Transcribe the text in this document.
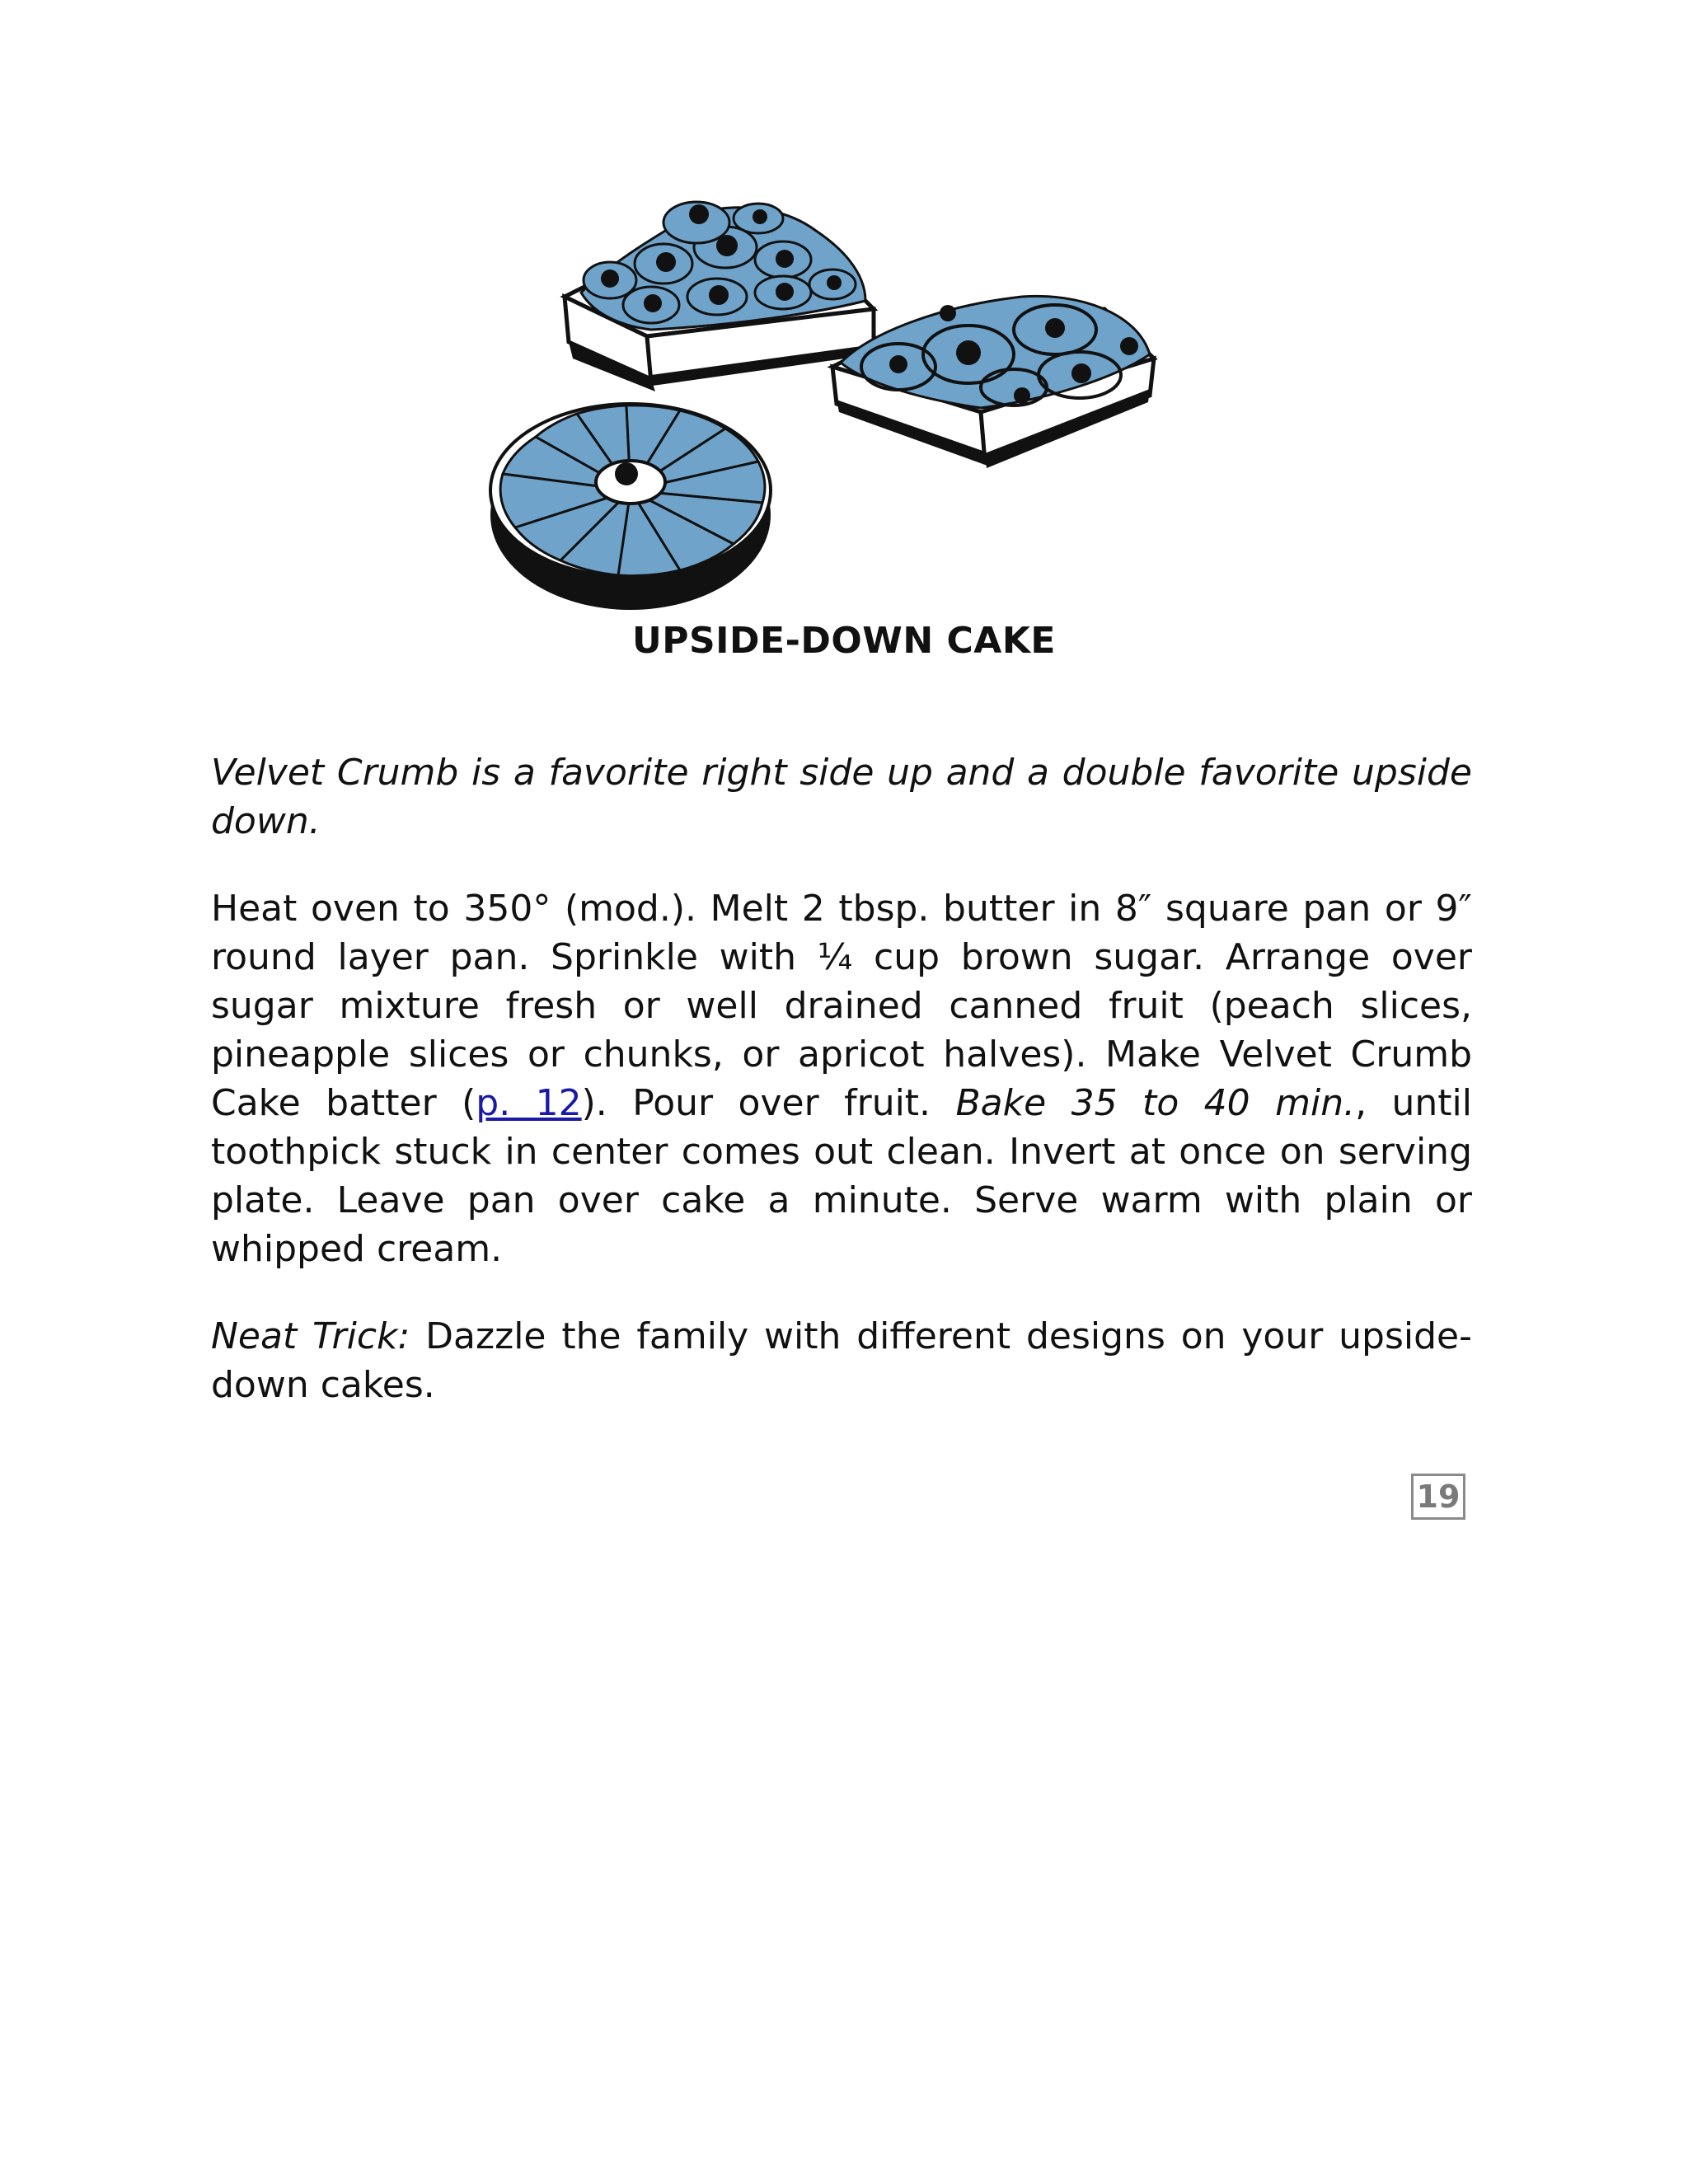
UPSIDE-DOWN CAKE

Velvet Crumb is a favorite right side up and a double favorite upside down.

Heat oven to 350° (mod.). Melt 2 tbsp. butter in 8″ square pan or 9″ round layer pan. Sprinkle with ¼ cup brown sugar. Arrange over sugar mixture fresh or well drained canned fruit (peach slices, pineapple slices or chunks, or apricot halves). Make Velvet Crumb Cake batter (p. 12). Pour over fruit. Bake 35 to 40 min., until toothpick stuck in center comes out clean. Invert at once on serving plate. Leave pan over cake a minute. Serve warm with plain or whipped cream.

Neat Trick: Dazzle the family with different designs on your upside-down cakes.

19
